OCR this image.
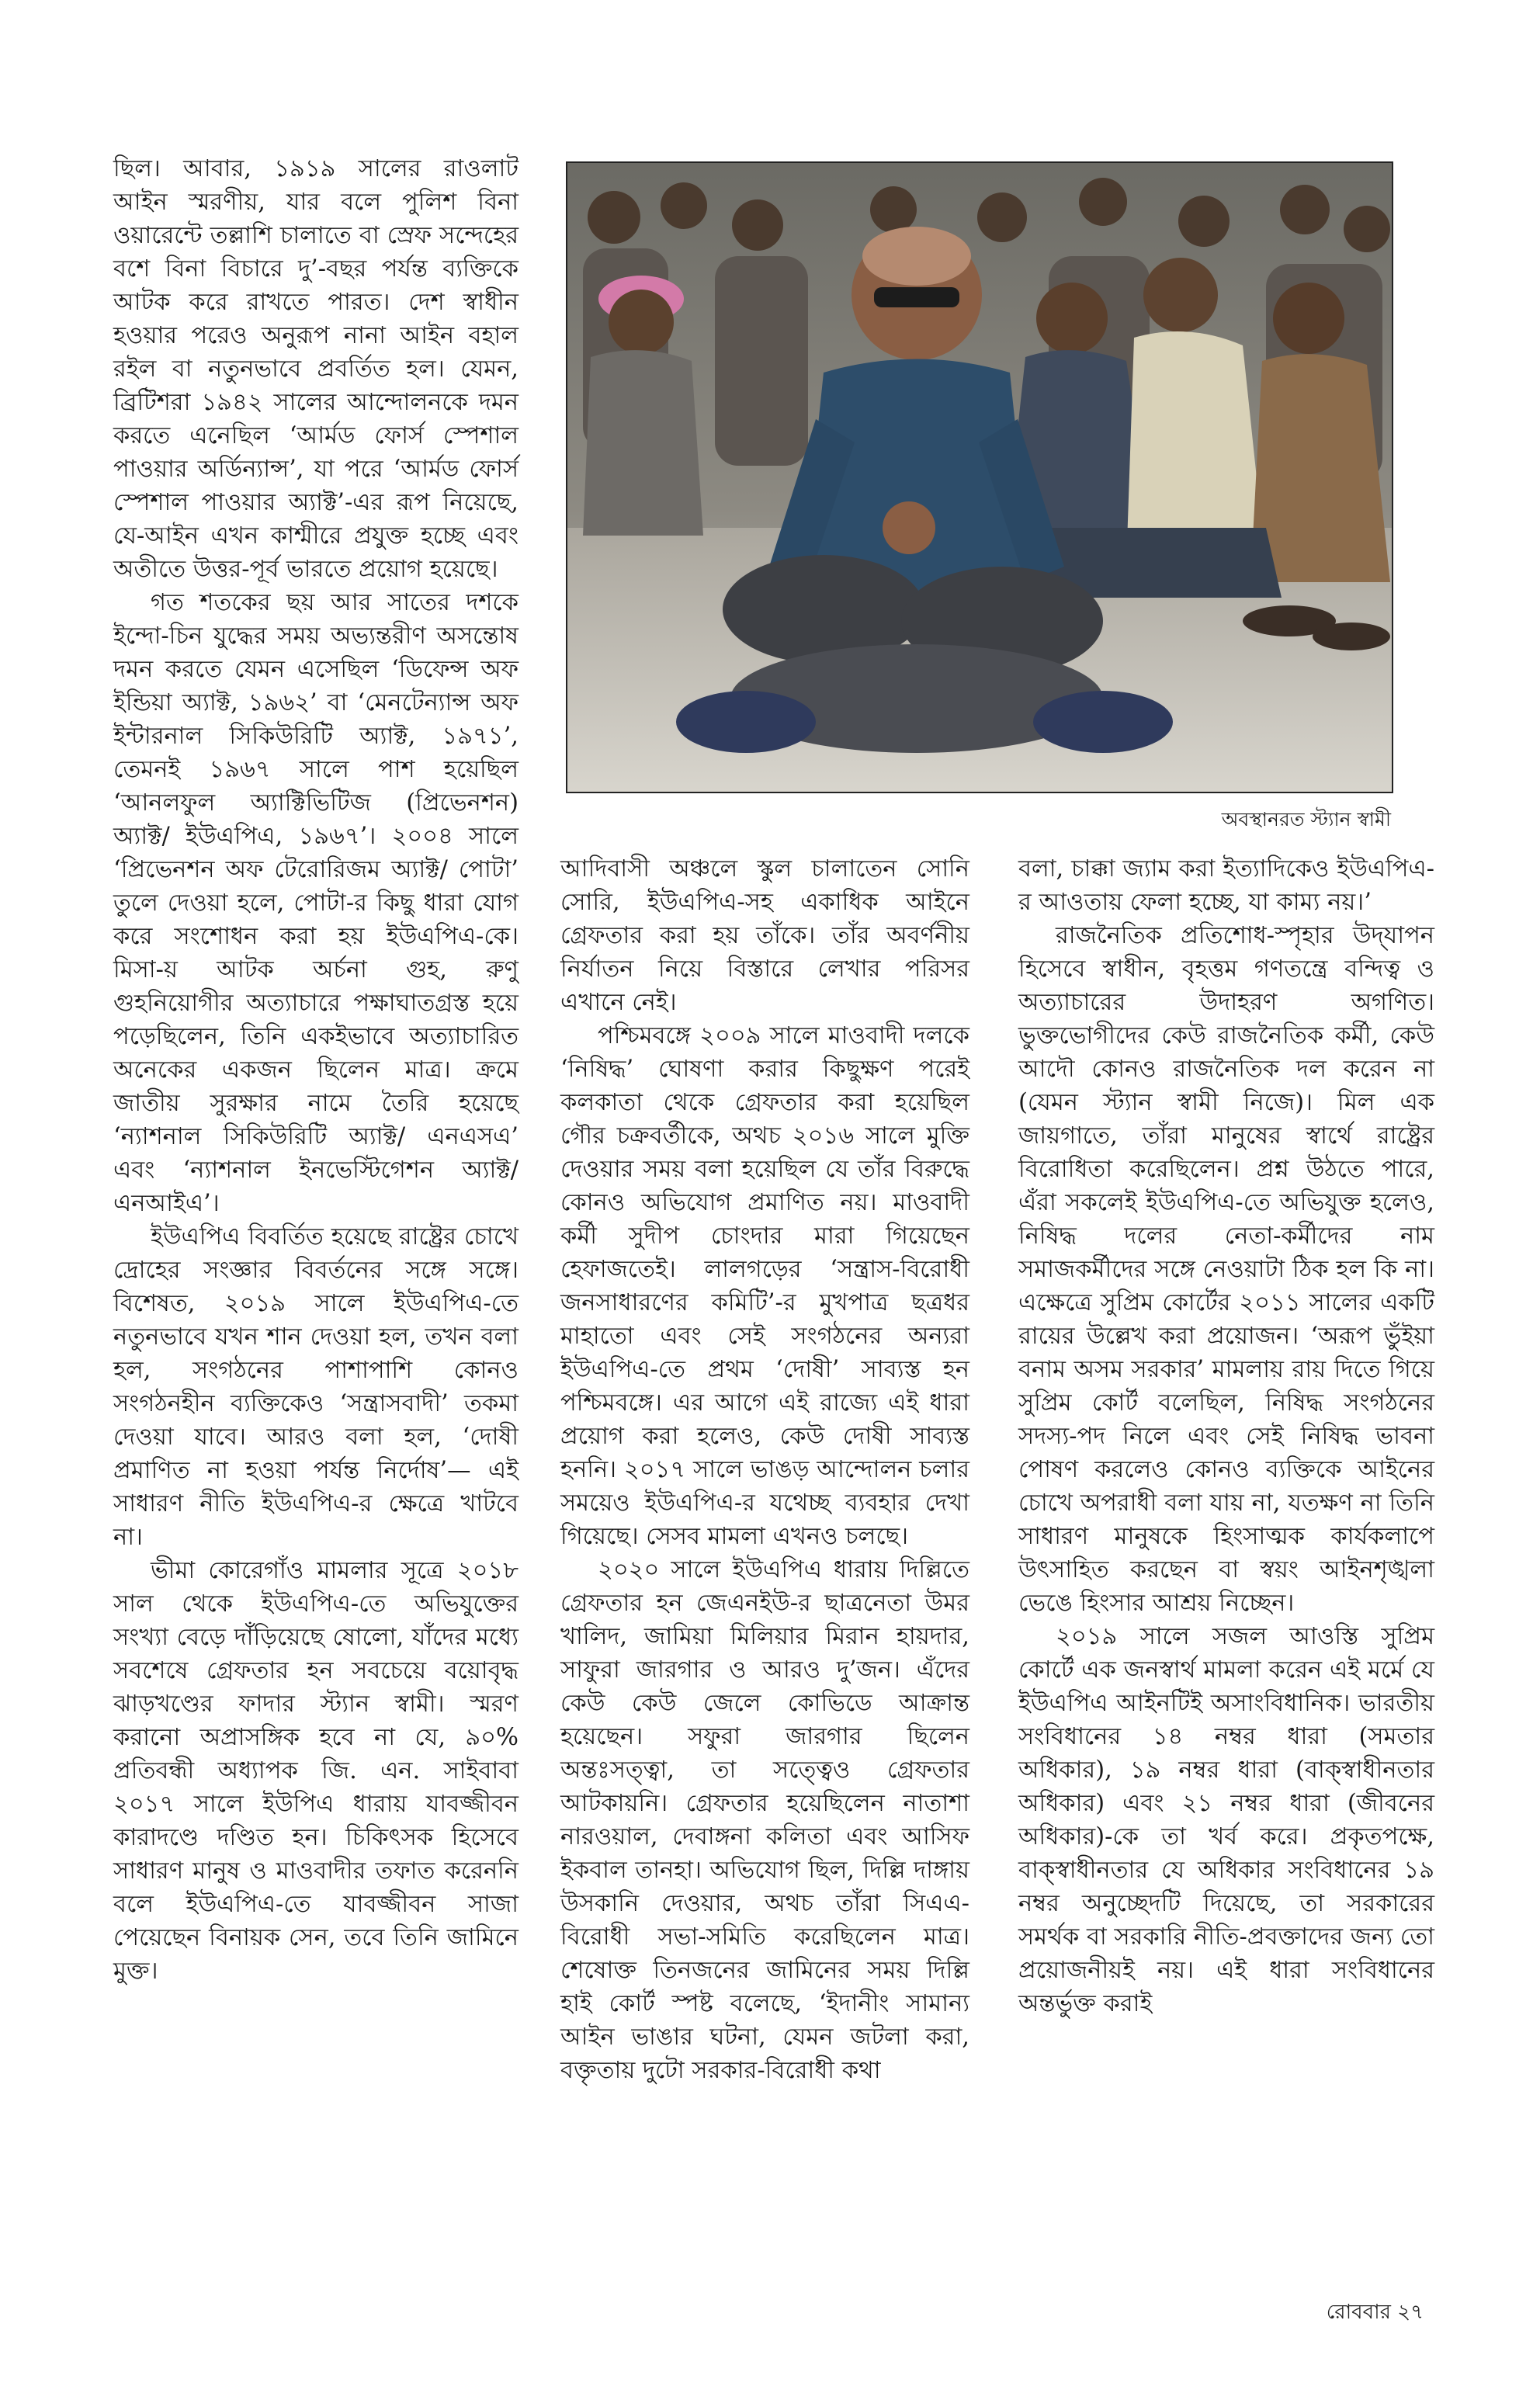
ছিল। আবার, ১৯১৯ সালের রাওলাট আইন স্মরণীয়, যার বলে পুলিশ বিনা ওয়ারেন্টে তল্লাশি চালাতে বা স্রেফ সন্দেহের বশে বিনা বিচারে দু’-বছর পর্যন্ত ব্যক্তিকে আটক করে রাখতে পারত। দেশ স্বাধীন হওয়ার পরেও অনুরূপ নানা আইন বহাল রইল বা নতুনভাবে প্রবর্তিত হল। যেমন, ব্রিটিশরা ১৯৪২ সালের আন্দোলনকে দমন করতে এনেছিল ‘আর্মড ফোর্স স্পেশাল পাওয়ার অর্ডিন্যান্স’, যা পরে ‘আর্মড ফোর্স স্পেশাল পাওয়ার অ্যাক্ট’-এর রূপ নিয়েছে, যে-আইন এখন কাশ্মীরে প্রযুক্ত হচ্ছে এবং অতীতে উত্তর-পূর্ব ভারতে প্রয়োগ হয়েছে।

গত শতকের ছয় আর সাতের দশকে ইন্দো-চিন যুদ্ধের সময় অভ্যন্তরীণ অসন্তোষ দমন করতে যেমন এসেছিল ‘ডিফেন্স অফ ইন্ডিয়া অ্যাক্ট, ১৯৬২’ বা ‘মেনটেন্যান্স অফ ইন্টারনাল সিকিউরিটি অ্যাক্ট, ১৯৭১’, তেমনই ১৯৬৭ সালে পাশ হয়েছিল ‘আনলফুল অ্যাক্টিভিটিজ (প্রিভেনশন) অ্যাক্ট/ ইউএপিএ, ১৯৬৭’। ২০০৪ সালে ‘প্রিভেনশন অফ টেরোরিজম অ্যাক্ট/ পোটা’ তুলে দেওয়া হলে, পোটা-র কিছু ধারা যোগ করে সংশোধন করা হয় ইউএপিএ-কে। মিসা-য় আটক অর্চনা গুহ, রুণু গুহনিয়োগীর অত্যাচারে পক্ষাঘাতগ্রস্ত হয়ে পড়েছিলেন, তিনি একইভাবে অত্যাচারিত অনেকের একজন ছিলেন মাত্র। ক্রমে জাতীয় সুরক্ষার নামে তৈরি হয়েছে ‘ন্যাশনাল সিকিউরিটি অ্যাক্ট/ এনএসএ’ এবং ‘ন্যাশনাল ইনভেস্টিগেশন অ্যাক্ট/ এনআইএ’।

ইউএপিএ বিবর্তিত হয়েছে রাষ্ট্রের চোখে দ্রোহের সংজ্ঞার বিবর্তনের সঙ্গে সঙ্গে। বিশেষত, ২০১৯ সালে ইউএপিএ-তে নতুনভাবে যখন শান দেওয়া হল, তখন বলা হল, সংগঠনের পাশাপাশি কোনও সংগঠনহীন ব্যক্তিকেও ‘সন্ত্রাসবাদী’ তকমা দেওয়া যাবে। আরও বলা হল, ‘দোষী প্রমাণিত না হওয়া পর্যন্ত নির্দোষ’— এই সাধারণ নীতি ইউএপিএ-র ক্ষেত্রে খাটবে না।

ভীমা কোরেগাঁও মামলার সূত্রে ২০১৮ সাল থেকে ইউএপিএ-তে অভিযুক্তের সংখ্যা বেড়ে দাঁড়িয়েছে ষোলো, যাঁদের মধ্যে সবশেষে গ্রেফতার হন সবচেয়ে বয়োবৃদ্ধ ঝাড়খণ্ডের ফাদার স্ট্যান স্বামী। স্মরণ করানো অপ্রাসঙ্গিক হবে না যে, ৯০% প্রতিবন্ধী অধ্যাপক জি. এন. সাইবাবা ২০১৭ সালে ইউপিএ ধারায় যাবজ্জীবন কারাদণ্ডে দণ্ডিত হন। চিকিৎসক হিসেবে সাধারণ মানুষ ও মাওবাদীর তফাত করেননি বলে ইউএপিএ-তে যাবজ্জীবন সাজা পেয়েছেন বিনায়ক সেন, তবে তিনি জামিনে মুক্ত।

অবস্থানরত স্ট্যান স্বামী

আদিবাসী অঞ্চলে স্কুল চালাতেন সোনি সোরি, ইউএপিএ-সহ একাধিক আইনে গ্রেফতার করা হয় তাঁকে। তাঁর অবর্ণনীয় নির্যাতন নিয়ে বিস্তারে লেখার পরিসর এখানে নেই।

পশ্চিমবঙ্গে ২০০৯ সালে মাওবাদী দলকে ‘নিষিদ্ধ’ ঘোষণা করার কিছুক্ষণ পরেই কলকাতা থেকে গ্রেফতার করা হয়েছিল গৌর চক্রবর্তীকে, অথচ ২০১৬ সালে মুক্তি দেওয়ার সময় বলা হয়েছিল যে তাঁর বিরুদ্ধে কোনও অভিযোগ প্রমাণিত নয়। মাওবাদী কর্মী সুদীপ চোংদার মারা গিয়েছেন হেফাজতেই। লালগড়ের ‘সন্ত্রাস-বিরোধী জনসাধারণের কমিটি’-র মুখপাত্র ছত্রধর মাহাতো এবং সেই সংগঠনের অন্যরা ইউএপিএ-তে প্রথম ‘দোষী’ সাব্যস্ত হন পশ্চিমবঙ্গে। এর আগে এই রাজ্যে এই ধারা প্রয়োগ করা হলেও, কেউ দোষী সাব্যস্ত হননি। ২০১৭ সালে ভাঙড় আন্দোলন চলার সময়েও ইউএপিএ-র যথেচ্ছ ব্যবহার দেখা গিয়েছে। সেসব মামলা এখনও চলছে।

২০২০ সালে ইউএপিএ ধারায় দিল্লিতে গ্রেফতার হন জেএনইউ-র ছাত্রনেতা উমর খালিদ, জামিয়া মিলিয়ার মিরান হায়দার, সাফুরা জারগার ও আরও দু’জন। এঁদের কেউ কেউ জেলে কোভিডে আক্রান্ত হয়েছেন। সফুরা জারগার ছিলেন অন্তঃসত্ত্বা, তা সত্ত্বেও গ্রেফতার আটকায়নি। গ্রেফতার হয়েছিলেন নাতাশা নারওয়াল, দেবাঙ্গনা কলিতা এবং আসিফ ইকবাল তানহা। অভিযোগ ছিল, দিল্লি দাঙ্গায় উসকানি দেওয়ার, অথচ তাঁরা সিএএ-বিরোধী সভা-সমিতি করেছিলেন মাত্র। শেষোক্ত তিনজনের জামিনের সময় দিল্লি হাই কোর্ট স্পষ্ট বলেছে, ‘ইদানীং সামান্য আইন ভাঙার ঘটনা, যেমন জটলা করা, বক্তৃতায় দুটো সরকার-বিরোধী কথা

বলা, চাক্কা জ্যাম করা ইত্যাদিকেও ইউএপিএ-র আওতায় ফেলা হচ্ছে, যা কাম্য নয়।’

রাজনৈতিক প্রতিশোধ-স্পৃহার উদ্‌যাপন হিসেবে স্বাধীন, বৃহত্তম গণতন্ত্রে বন্দিত্ব ও অত্যাচারের উদাহরণ অগণিত। ভুক্তভোগীদের কেউ রাজনৈতিক কর্মী, কেউ আদৌ কোনও রাজনৈতিক দল করেন না (যেমন স্ট্যান স্বামী নিজে)। মিল এক জায়গাতে, তাঁরা মানুষের স্বার্থে রাষ্ট্রের বিরোধিতা করেছিলেন। প্রশ্ন উঠতে পারে, এঁরা সকলেই ইউএপিএ-তে অভিযুক্ত হলেও, নিষিদ্ধ দলের নেতা-কর্মীদের নাম সমাজকর্মীদের সঙ্গে নেওয়াটা ঠিক হল কি না। এক্ষেত্রে সুপ্রিম কোর্টের ২০১১ সালের একটি রায়ের উল্লেখ করা প্রয়োজন। ‘অরূপ ভুঁইয়া বনাম অসম সরকার’ মামলায় রায় দিতে গিয়ে সুপ্রিম কোর্ট বলেছিল, নিষিদ্ধ সংগঠনের সদস্য-পদ নিলে এবং সেই নিষিদ্ধ ভাবনা পোষণ করলেও কোনও ব্যক্তিকে আইনের চোখে অপরাধী বলা যায় না, যতক্ষণ না তিনি সাধারণ মানুষকে হিংসাত্মক কার্যকলাপে উৎসাহিত করছেন বা স্বয়ং আইনশৃঙ্খলা ভেঙে হিংসার আশ্রয় নিচ্ছেন।

২০১৯ সালে সজল আওস্তি সুপ্রিম কোর্টে এক জনস্বার্থ মামলা করেন এই মর্মে যে ইউএপিএ আইনটিই অসাংবিধানিক। ভারতীয় সংবিধানের ১৪ নম্বর ধারা (সমতার অধিকার), ১৯ নম্বর ধারা (বাক্‌স্বাধীনতার অধিকার) এবং ২১ নম্বর ধারা (জীবনের অধিকার)-কে তা খর্ব করে। প্রকৃতপক্ষে, বাক্‌স্বাধীনতার যে অধিকার সংবিধানের ১৯ নম্বর অনুচ্ছেদটি দিয়েছে, তা সরকারের সমর্থক বা সরকারি নীতি-প্রবক্তাদের জন্য তো প্রয়োজনীয়ই নয়। এই ধারা সংবিধানের অন্তর্ভুক্ত করাই

রোববার ২৭
